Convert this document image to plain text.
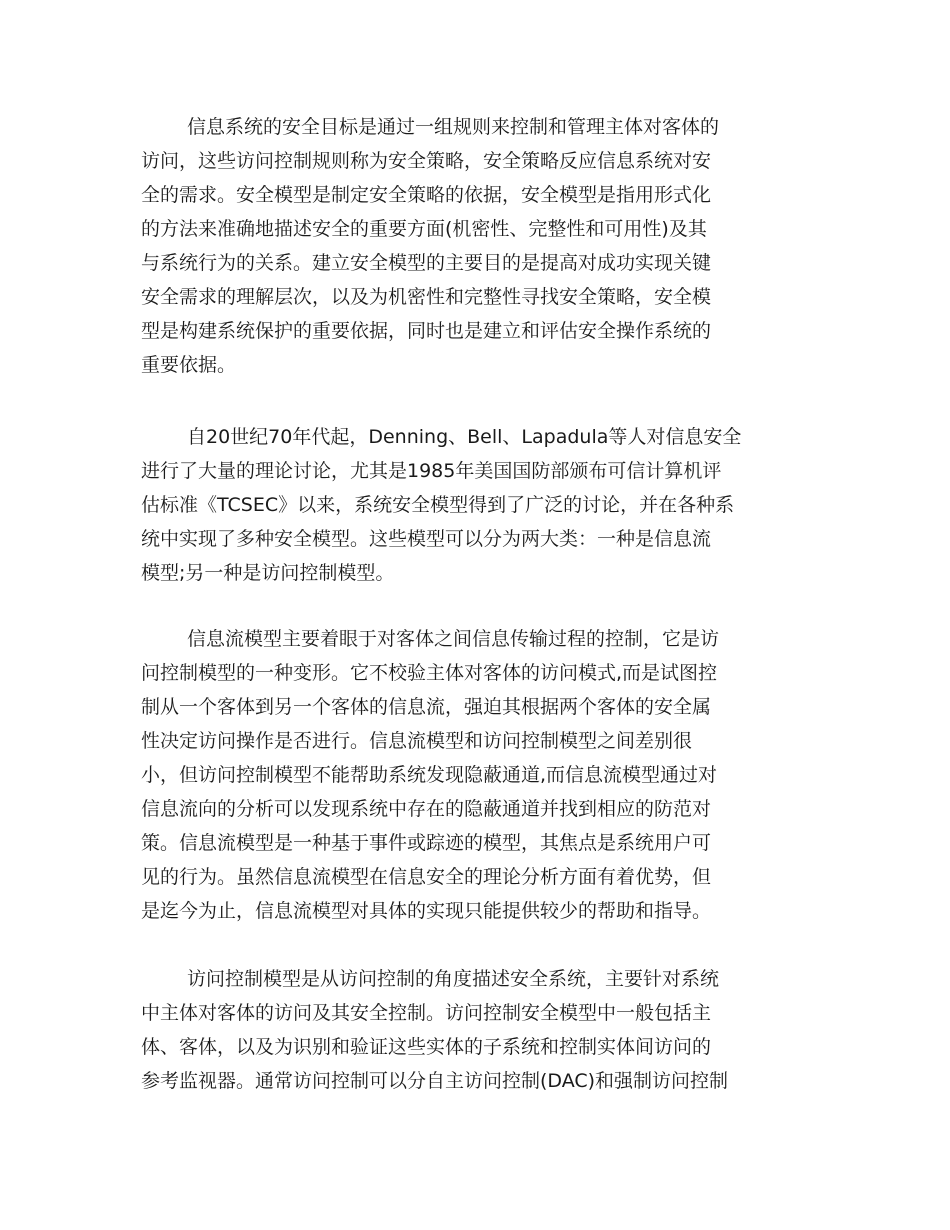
信息系统的安全目标是通过一组规则来控制和管理主体对客体的
访问，这些访问控制规则称为安全策略，安全策略反应信息系统对安
全的需求。安全模型是制定安全策略的依据，安全模型是指用形式化
的方法来准确地描述安全的重要方面(机密性、完整性和可用性)及其
与系统行为的关系。建立安全模型的主要目的是提高对成功实现关键
安全需求的理解层次，以及为机密性和完整性寻找安全策略，安全模
型是构建系统保护的重要依据，同时也是建立和评估安全操作系统的
重要依据。
自20世纪70年代起，Denning、Bell、Lapadula等人对信息安全
进行了大量的理论讨论，尤其是1985年美国国防部颁布可信计算机评
估标准《TCSEC》以来，系统安全模型得到了广泛的讨论，并在各种系
统中实现了多种安全模型。这些模型可以分为两大类：一种是信息流
模型;另一种是访问控制模型。
信息流模型主要着眼于对客体之间信息传输过程的控制，它是访
问控制模型的一种变形。它不校验主体对客体的访问模式,而是试图控
制从一个客体到另一个客体的信息流，强迫其根据两个客体的安全属
性决定访问操作是否进行。信息流模型和访问控制模型之间差别很
小，但访问控制模型不能帮助系统发现隐蔽通道,而信息流模型通过对
信息流向的分析可以发现系统中存在的隐蔽通道并找到相应的防范对
策。信息流模型是一种基于事件或踪迹的模型，其焦点是系统用户可
见的行为。虽然信息流模型在信息安全的理论分析方面有着优势，但
是迄今为止，信息流模型对具体的实现只能提供较少的帮助和指导。
访问控制模型是从访问控制的角度描述安全系统，主要针对系统
中主体对客体的访问及其安全控制。访问控制安全模型中一般包括主
体、客体，以及为识别和验证这些实体的子系统和控制实体间访问的
参考监视器。通常访问控制可以分自主访问控制(DAC)和强制访问控制
